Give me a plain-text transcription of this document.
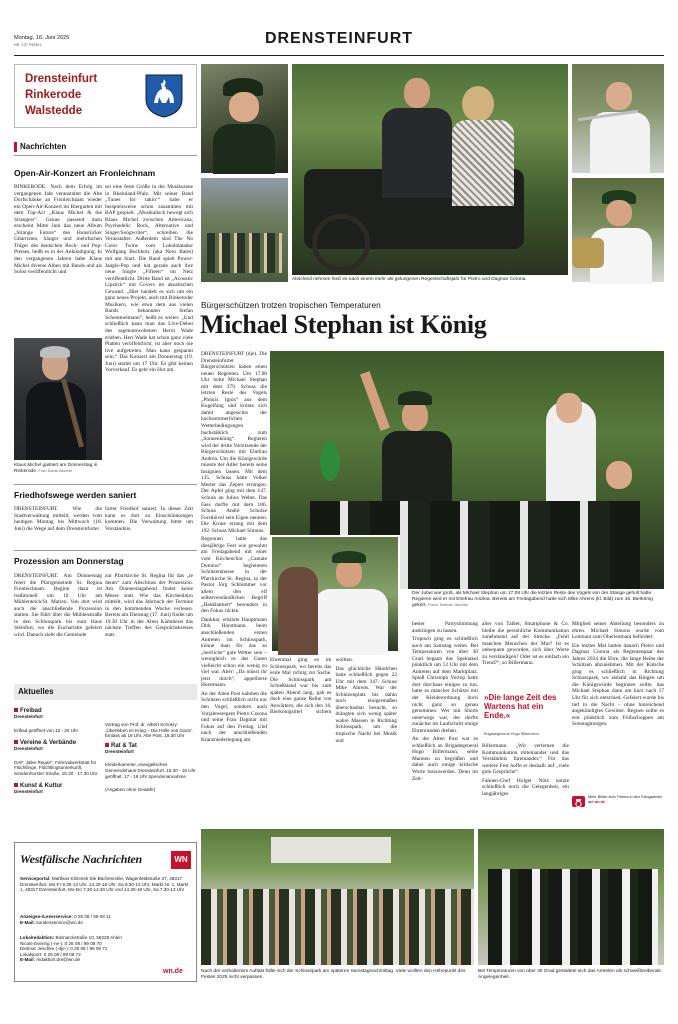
Montag, 16. Juni 2025
NR. 137 RDR01	DRENSTEINFURT
Drensteinfurt
Rinkerode
Walstedde
Nachrichten
Open-Air-Konzert an Fronleichnam
RINKERODE. Nach dem Erfolg im vergangenen Jahr veranstaltet die Alte Dorfschänke an Fronleichnam wieder ein Open-Air-Konzert im Biergarten mit dem Top-Act „Klaus Michel & the Strangers“. Genau passend dazu erscheint Mitte Juni das neue Album „Strange Future“ des Hunsrücker Gitarristen, Sänger und mehrfachen Träger des deutschen Rock- und Pop-Preises, heißt es in der Ankündigung. In den vergangenen Jahren habe Klaus Michel diverse Alben mit Bands und als Solist veröffentlicht und
sei eine feste Größe in der Musikszene in Rheinland-Pfalz. Mit seiner Band „Tunes for takin’“ habe er beispielsweise schon zusammen mit BAP gespielt. „Musikalisch bewegt sich Klaus Michel zwischen Americana, Psychedelic Rock, Alternative und Singer/Songwriter“, schreiben die Veranstalter. Außerdem sind The No Color Twins vom Lokalmatador Wolfgang Buchholz (aka Nero Bates) mit am Start. Die Band spielt Power-Jangle-Pop und hat gerade auch ihre neue Single „Fifteen“ im Netz veröffentlicht. Dritte Band ist „Acoustic Lipstick“ mit Covers im akustischen Gewand. „Hier handelt es sich um ein ganz neues Projekt, auch mit Rinkeroder Musikern, wie etwa dem aus vielen Bands bekannten Stefan Schemmelmann“, heißt es weiter. „Und schließlich kann man das Live-Debut des sagenumwobenen Herrn Wade erleben. Herr Wade hat schon ganz viele Platten veröffentlicht, ist aber noch nie live aufgetreten. Man kann gespannt sein.“ Das Konzert am Donnerstag (19. Juni) startet um 17 Uhr. Es gibt keinen Vorverkauf. Es geht ein Hut um.
Klaus Michel gastiert am Donnerstag in Rinkerode. Foto: Dorian Albrecht
Friedhofswege werden saniert
DRENSTEINFURT. Wie die Stadtverwaltung mitteilt, werden vom heutigen Montag bis Mittwoch (18. Juni) die Wege auf dem Drensteinfurter
furter Friedhof saniert. In dieser Zeit kann es dort zu Einschränkungen kommen. Die Verwaltung bittet um Verständnis.
Prozession am Donnerstag
DRENSTEINFURT. Am Donnerstag feiert die Pfarrgemeinde St. Regina Fronleichnam. Beginn dazu ist traditionell um 10 Uhr am Mühlenteich/St. Marien. Von dort wird auch die anschließende Prozession starten. Sie führt über die Mühlenstraße in den Schlosspark bis zum Haus Steinfurt, wo die Eucharistie gefeiert wird. Danach zieht die Gemeinde
zur Pfarrkirche St. Regina für das „te deum“ zum Abschluss der Prozession. Am Donnerstagabend findet keine Messe statt. Wie das Kirchenbüro mitteilt, wird das Jahrbuch der Termine in den kommenden Woche verlesen. Bereits am Dienstag (17. Juni) findet um 19.30 Uhr in der Alten Kämmerei das nächste Treffen des Gesprächskreises statt.
Aktuelles
Freibad
Drensteinfurt
Erlbad geöffnet von 12 - 20 Uhr
Vereine & Verbände
Drensteinfurt
DAF: „Bike Repair“, Fahrradwerkstatt für Flüchtlinge, Flüchtlingsunterkunft, Sendenhorster Straße, 15.30 - 17.30 Uhr
Kunst & Kultur
Drensteinfurt
Vortrag von Prof. dr. Albert Schokry: „Überleben im Krieg – Die Hölle von Gaza“. Einlass ab 19 Uhr, Alte Post, 19.30 Uhr
Rat & Tat
Drensteinfurt
Kleiderkammer, evangelisches Gemeindehaus Drensteinfurt, 15.30 - 18 Uhr geöffnet, 17 - 18 Uhr Spendenannahme
(Angaben ohne Gewähr)
Westfälische Nachrichten	WN
Serviceportal: Matthias Klimmek Die Büchereckle, Wagenfeldstraße 37, 48317 Drensteinfurt, Mo-Fr 9.30-13 Uhr, 14.30-18 Uhr, Sa 9.30-13 Uhr; Markt Nr. 1, Markt 1, 48317 Drensteinfurt, Mo-Do 7.30-12.30 Uhr und 14.30-18 Uhr, Sa 7.30-13 Uhr
Anzeigen-/Leserservice: 0 25 08 / 99 08 11
E-Mail: kundenservice@wn.de
Lokalredaktion: Bismarckstraße 10, 59229 Ahlen
Nicole Evering (-ne-): 0 25 08 / 99 08 70
Dietmar Jeschke (-dje-): 0 25 08 / 99 08 71
Lokalsport: 0 25 08 / 99 08 72
E-Mail: redaktion.dre@wn.de
wn.de
Abschied nehmen hieß es nach einem mehr als gelungenen Regentschaftsjahr für Pietro und Dagmar Corona.
Bürgerschützen trotzen tropischen Temperaturen
Michael Stephan ist König
DRENSTEINFURT (dje). Die Drensteinfurter Bürgerschützen haben einen neuen Regenten. Um 17.08 Uhr holte Michael Stephan mit dem 379. Schuss die letzten Reste des Vogels „Phönix Ignis“ aus dem Kugelfang und krönte sich damit angesichts der hochsommerlichen Wetterbedingungen buchstäblich zum „Sonnenkönig“. Regieren wird der dritte Vorsitzende der Bürgerschützen mit Ehefrau Andrea. Um die Königswürde musste der Adler bereits seine Insignien lassen. Mit dem 135. Schuss hatte Volker Mester das Zepter errungen. Der Apfel ging mit dem 147. Schuss an Julius Weber. Das Fass durfte mit dem 186. Schuss André Schulze Forsthövel sein Eigen nennen. Die Krone errang mit dem 192. Schuss Michael Simons.
Begonnen hatte das diesjährige Fest wie gewohnt am Freitagabend mit einer vom Kirchenchor „Cantate Domino“ begleiteten Schützenmesse in der Pfarrkirche St. Regina, in der Pastor Jörg Schlummer vor allem den elf selbstverständlichen Begriff „Dankbarkeit“ besonders in den Fokus rückte.
Dankbar, erklärte Hauptmann Dirk Horstmann beim anschließenden ersten Antreten im Schlosspark, könne man für das so „herrliche“ gute Wetter sein – wenngleich es des Guten vielleicht schon ein wenig zu viel war. Aber: „Da müsst ihr jetzt durch“, appellierte Horstmann.
An der Alten Post nahmen die Schützen schließlich nicht nur den Vogel, sondern auch Vorjahresregent Pietro Corona und seine Frau Dagmar mit Fokus auf den Freitag. Und nach der anschließenden Kranzniederlegung am
Der Jubel war groß, als Michael Stephan um 17.08 Uhr die letzten Reste des Vogels von der Stange geholt hatte. Regieren wird er mit Ehefrau Andrea. Bereits am Freitagabend hatte sich Mike Ahrens (kl. Bild) zum 16. Bierkönig gekürt. Fotos: Dietmar Jeschke
Ehrenmal ging es im Schlosspark, wo bereits das erste Mal richtig zur Sache. Die Schlosspark am Schießstand war bis zum späten Abend lang, gab es doch eine ganze Reihe von Anwärtern, die sich den 16. Bierkönigstitel sichern wollten.
Das glückliche Händchen hatte schließlich gegen 22 Uhr mit dem 347. Schuss Mike Ahrens. War der Schützenplatz bis dahin noch einigermaßen überschaubar besucht, so drängten sich wenig später wahre Massen in Richtung Schlosspark, um die tropische Nacht bei Musik und
bester Partystimmung ausklingen zu lassen.
Tropisch ging es schließlich auch am Samstag weiter. Bei Temperaturen von über 30 Grad begann das Spektakel pünktlich um 12 Uhr mit dem Antreten auf dem Marktplatz. Spieß Christoph Vorlop hatte dort durchaus einiges zu tun, hatte es mancher Schütze mit der Kleiderordnung doch nicht ganz so genau genommen. Wer mit Shorts unterwegs war, der durfte zunächst im Laufschritt einige Ehrenrunden drehen.
An der Alten Post war es schließlich an Brigadegeneral Hugo Billermann, seine Mannen zu begrüßen und dabei auch einige kritische Worte loszuwerden. Denn im Zeit-
alter von Tablet, Smartphone & Co. bleibe die persönliche Kommunikation zunehmend auf der Strecke. „Fehlt manchen Menschen der Mut? Ist es unbequem geworden, sich über Worte zu verständigen? Oder ist es einfach ein Trend?“, so Billermann.
»Die lange Zeit des Wartens hat ein Ende.«
Brigadegeneral Hugo Billermann
Billermann. „Wir verlernen die Kommunikation miteinander und das Verständnis füreinander.“ Für das weitere Fest hoffe er deshalb auf „viele gute Gespräche“.
Fahnen-Chef Holger Notz nutzte schließlich noch die Gelegenheit, ein langjähriges
Mitglied seiner Abteilung besonders zu ehren. Michael Simons wurde vom Leutnant zum Oberleutnant befördert.
Ein letztes Mal hatten danach Pietro und Dagmar Corona als Regentenpaar des Jahres 2024 die Ehre, die lange Reihe der Schützen abzunehmen. Mit der Kutsche ging es schließlich in Richtung Schlosspark, wo alsbald das Ringen um die Königswürde beginnen sollte, das Michael Stephan dann um kurz nach 17 Uhr für sich entschied. Gefeiert wurde bis tief in die Nacht – ohne hinreichend angekündigtes Gewitter. Regnen sollte es erst pünktlich zum Frühschoppen am Sonntagmorgen.
Mehr Bilder zum Thema in den Fotogalerien auf wn.de
Nach der verhaltenem Auftakt füllte sich der Schlosspark am späteren Samstagnachmittag. Viele wollten den Höhepunkt des Festes 2025 nicht verpassen.
Bei Temperaturen von über 30 Grad gestaltete sich das Antreten als schweißtreibende Angelegenheit.
